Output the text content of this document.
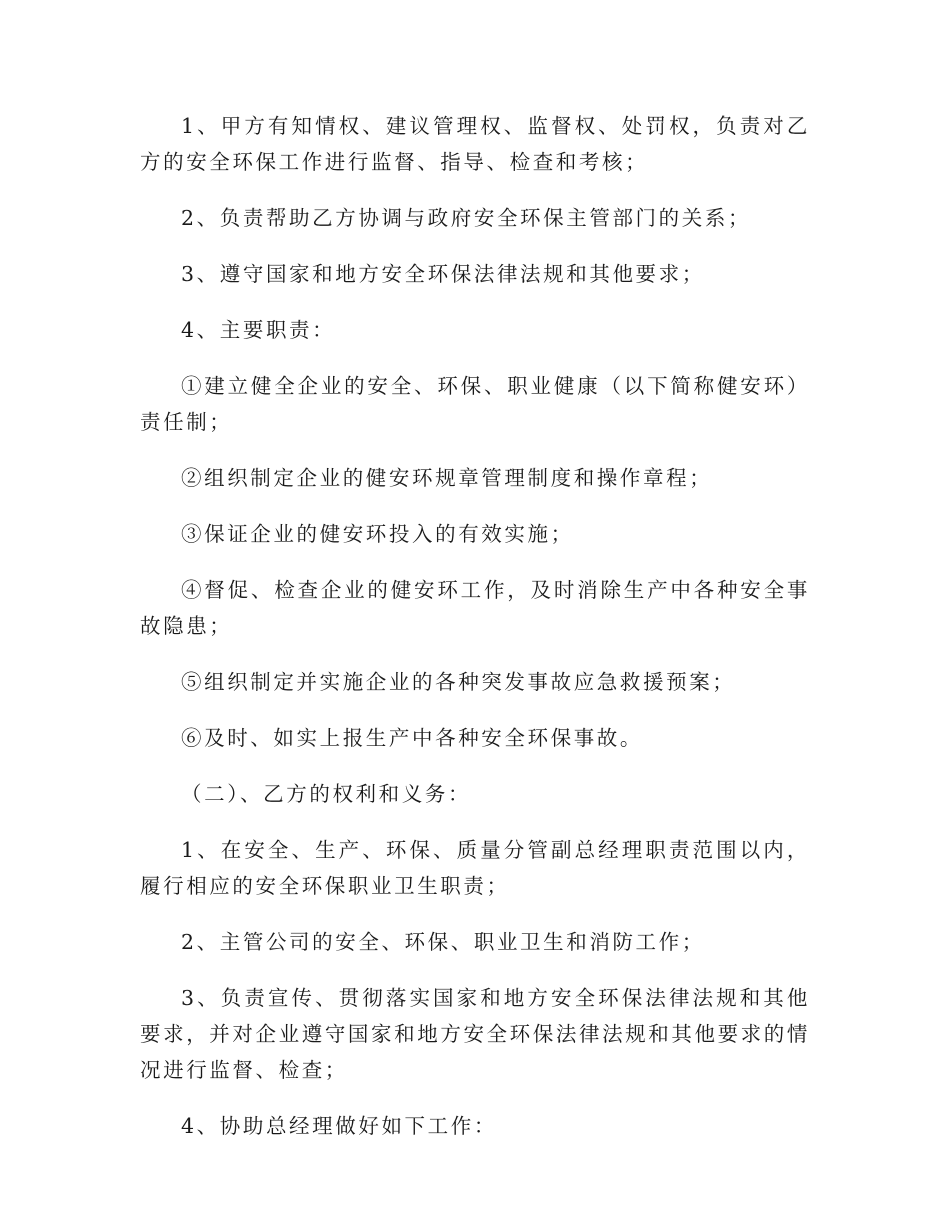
1、甲方有知情权、建议管理权、监督权、处罚权，负责对乙方的安全环保工作进行监督、指导、检查和考核；

2、负责帮助乙方协调与政府安全环保主管部门的关系；

3、遵守国家和地方安全环保法律法规和其他要求；

4、主要职责：

①建立健全企业的安全、环保、职业健康（以下简称健安环）责任制；

②组织制定企业的健安环规章管理制度和操作章程；

③保证企业的健安环投入的有效实施；

④督促、检查企业的健安环工作，及时消除生产中各种安全事故隐患；

⑤组织制定并实施企业的各种突发事故应急救援预案；

⑥及时、如实上报生产中各种安全环保事故。

（二）、乙方的权利和义务：

1、在安全、生产、环保、质量分管副总经理职责范围以内，履行相应的安全环保职业卫生职责；

2、主管公司的安全、环保、职业卫生和消防工作；

3、负责宣传、贯彻落实国家和地方安全环保法律法规和其他要求，并对企业遵守国家和地方安全环保法律法规和其他要求的情况进行监督、检查；

4、协助总经理做好如下工作：
